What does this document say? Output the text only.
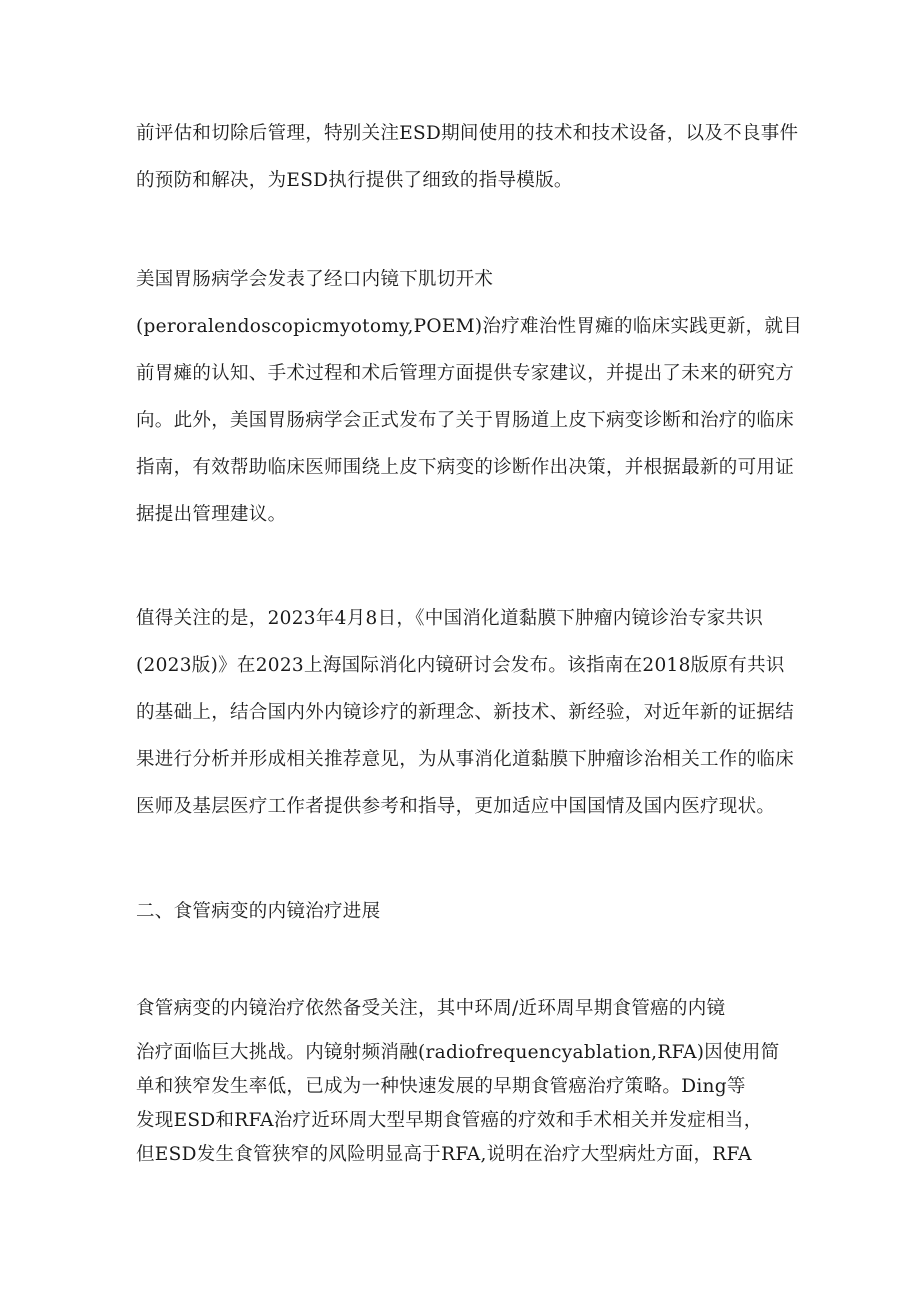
前评估和切除后管理，特别关注ESD期间使用的技术和技术设备，以及不良事件
的预防和解决，为ESD执行提供了细致的指导模版。

美国胃肠病学会发表了经口内镜下肌切开术
(peroralendoscopicmyotomy,POEM)治疗难治性胃瘫的临床实践更新，就目
前胃瘫的认知、手术过程和术后管理方面提供专家建议，并提出了未来的研究方
向。此外，美国胃肠病学会正式发布了关于胃肠道上皮下病变诊断和治疗的临床
指南，有效帮助临床医师围绕上皮下病变的诊断作出决策，并根据最新的可用证
据提出管理建议。

值得关注的是，2023年4月8日，《中国消化道黏膜下肿瘤内镜诊治专家共识
(2023版)》在2023上海国际消化内镜研讨会发布。该指南在2018版原有共识
的基础上，结合国内外内镜诊疗的新理念、新技术、新经验，对近年新的证据结
果进行分析并形成相关推荐意见，为从事消化道黏膜下肿瘤诊治相关工作的临床
医师及基层医疗工作者提供参考和指导，更加适应中国国情及国内医疗现状。

二、食管病变的内镜治疗进展

食管病变的内镜治疗依然备受关注，其中环周/近环周早期食管癌的内镜
治疗面临巨大挑战。内镜射频消融(radiofrequencyablation,RFA)因使用简
单和狭窄发生率低，已成为一种快速发展的早期食管癌治疗策略。Ding等
发现ESD和RFA治疗近环周大型早期食管癌的疗效和手术相关并发症相当，
但ESD发生食管狭窄的风险明显高于RFA,说明在治疗大型病灶方面，RFA
